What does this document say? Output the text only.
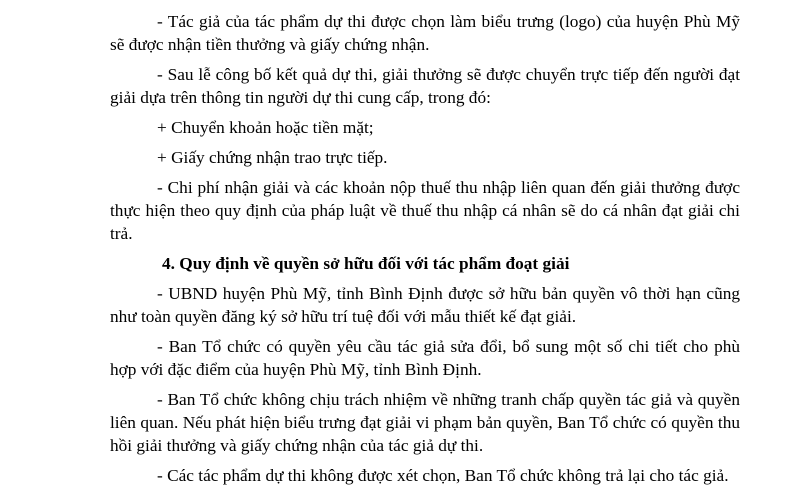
- Tác giả của tác phẩm dự thi được chọn làm biểu trưng (logo) của huyện Phù Mỹ sẽ được nhận tiền thưởng và giấy chứng nhận.

- Sau lễ công bố kết quả dự thi, giải thưởng sẽ được chuyển trực tiếp đến người đạt giải dựa trên thông tin người dự thi cung cấp, trong đó:

+ Chuyển khoản hoặc tiền mặt;

+ Giấy chứng nhận trao trực tiếp.

- Chi phí nhận giải và các khoản nộp thuế thu nhập liên quan đến giải thưởng được thực hiện theo quy định của pháp luật về thuế thu nhập cá nhân sẽ do cá nhân đạt giải chi trả.

4. Quy định về quyền sở hữu đối với tác phẩm đoạt giải

- UBND huyện Phù Mỹ, tỉnh Bình Định được sở hữu bản quyền vô thời hạn cũng như toàn quyền đăng ký sở hữu trí tuệ đối với mẫu thiết kế đạt giải.

- Ban Tổ chức có quyền yêu cầu tác giả sửa đổi, bổ sung một số chi tiết cho phù hợp với đặc điểm của huyện Phù Mỹ, tỉnh Bình Định.

- Ban Tổ chức không chịu trách nhiệm về những tranh chấp quyền tác giả và quyền liên quan. Nếu phát hiện biểu trưng đạt giải vi phạm bản quyền, Ban Tổ chức có quyền thu hồi giải thưởng và giấy chứng nhận của tác giả dự thi.

- Các tác phẩm dự thi không được xét chọn, Ban Tổ chức không trả lại cho tác giả.
